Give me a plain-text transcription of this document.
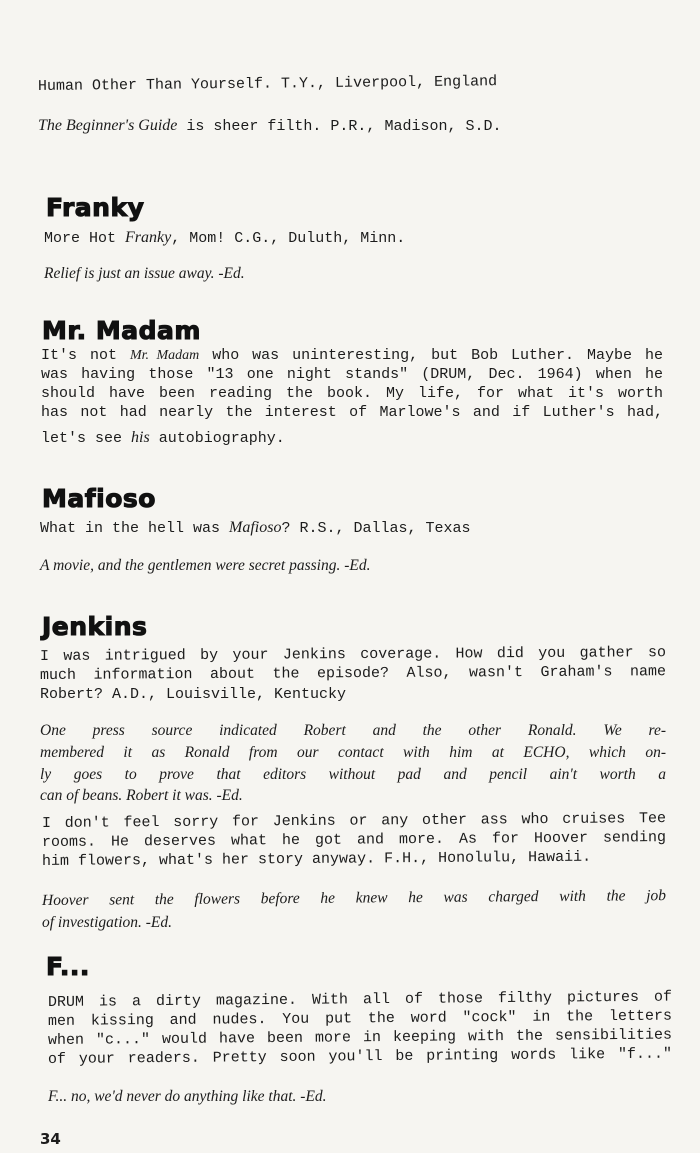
Human Other Than Yourself. T.Y., Liverpool, England

The Beginner's Guide is sheer filth. P.R., Madison, S.D.

Franky

More Hot Franky, Mom! C.G., Duluth, Minn.

Relief is just an issue away. -Ed.

Mr. Madam

It's not Mr. Madam who was uninteresting, but Bob Luther. Maybe he

was having those "13 one night stands" (DRUM, Dec. 1964) when he

should have been reading the book. My life, for what it's worth

has not had nearly the interest of Marlowe's and if Luther's had,

let's see his autobiography.

Mafioso

What in the hell was Mafioso? R.S., Dallas, Texas

A movie, and the gentlemen were secret passing. -Ed.

Jenkins

I was intrigued by your Jenkins coverage. How did you gather so

much information about the episode? Also, wasn't Graham's name

Robert? A.D., Louisville, Kentucky

One press source indicated Robert and the other Ronald. We re-

membered it as Ronald from our contact with him at ECHO, which on-

ly goes to prove that editors without pad and pencil ain't worth a

can of beans. Robert it was. -Ed.

I don't feel sorry for Jenkins or any other ass who cruises Tee

rooms. He deserves what he got and more. As for Hoover sending

him flowers, what's her story anyway. F.H., Honolulu, Hawaii.

Hoover sent the flowers before he knew he was charged with the job

of investigation. -Ed.

F...

DRUM is a dirty magazine. With all of those filthy pictures of

men kissing and nudes. You put the word "cock" in the letters

when "c..." would have been more in keeping with the sensibilities

of your readers. Pretty soon you'll be printing words like "f..."

F... no, we'd never do anything like that. -Ed.

34
